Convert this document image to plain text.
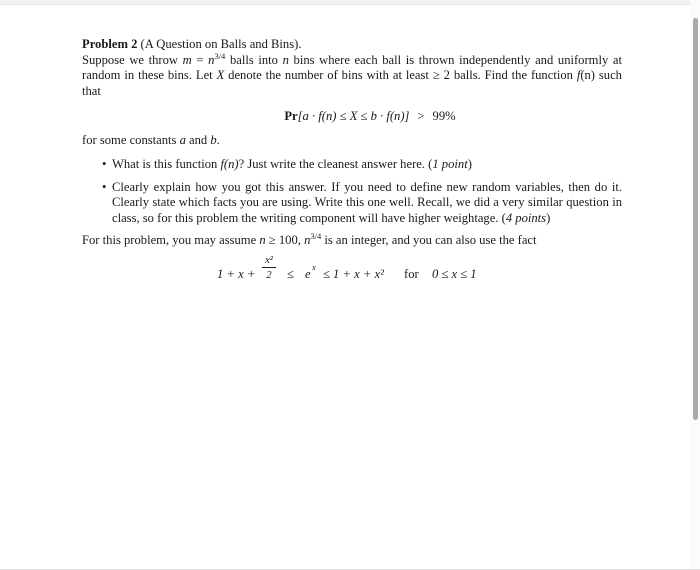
Problem 2 (A Question on Balls and Bins).
Suppose we throw $m = n^{3/4}$ balls into n bins where each ball is thrown independently and uniformly at random in these bins. Let X denote the number of bins with at least ≥ 2 balls. Find the function f(n) such that

Pr[a · f(n) ≤ X ≤ b · f(n)] > 99%

for some constants a and b.

• What is this function f(n)? Just write the cleanest answer here. (1 point)
• Clearly explain how you got this answer. If you need to define new random variables, then do it. Clearly state which facts you are using. Write this one well. Recall, we did a very similar question in class, so for this problem the writing component will have higher weightage. (4 points)

For this problem, you may assume n ≥ 100, $n^{3/4}$ is an integer, and you can also use the fact

1 + x +
x²
2	≤ e x ≤ 1 + x + x² for 0 ≤ x ≤ 1
